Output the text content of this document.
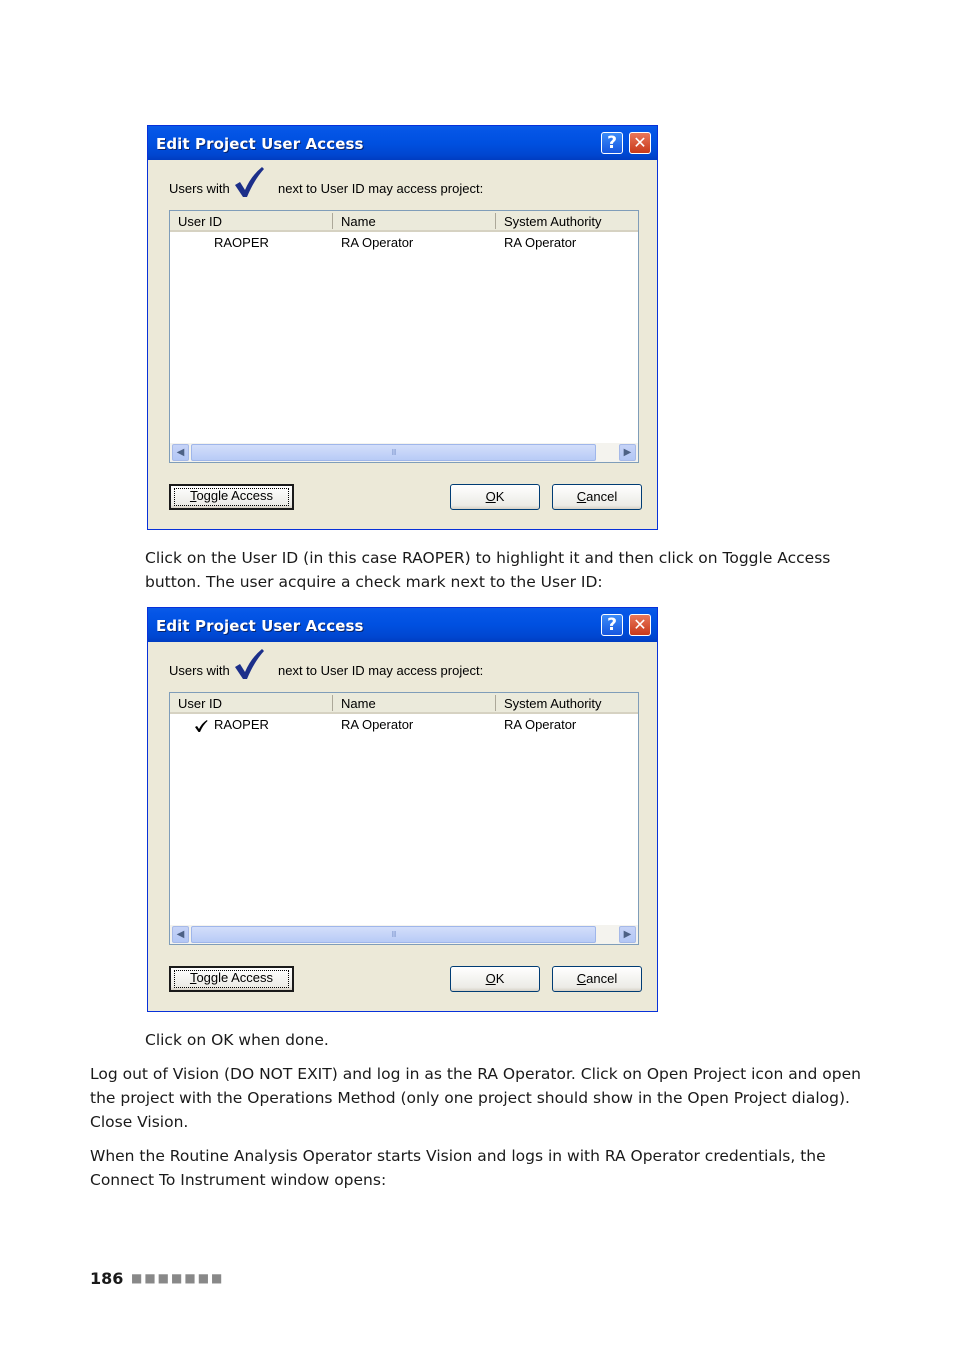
Edit Project User Access	?	✕
Users with	next to User ID may access project:
User ID	Name	System Authority
RAOPER	RA Operator	RA Operator
◀	III	▶
Toggle Access	OK	Cancel
Click on the User ID (in this case RAOPER) to highlight it and then click on Toggle Access
button. The user acquire a check mark next to the User ID:
Edit Project User Access	?	✕
Users with	next to User ID may access project:
User ID	Name	System Authority
RAOPER	RA Operator	RA Operator
◀	III	▶
Toggle Access	OK	Cancel
Click on OK when done.
Log out of Vision (DO NOT EXIT) and log in as the RA Operator. Click on Open Project icon and open
the project with the Operations Method (only one project should show in the Open Project dialog).
Close Vision.
When the Routine Analysis Operator starts Vision and logs in with RA Operator credentials, the
Connect To Instrument window opens:
186 ■■■■■■■
